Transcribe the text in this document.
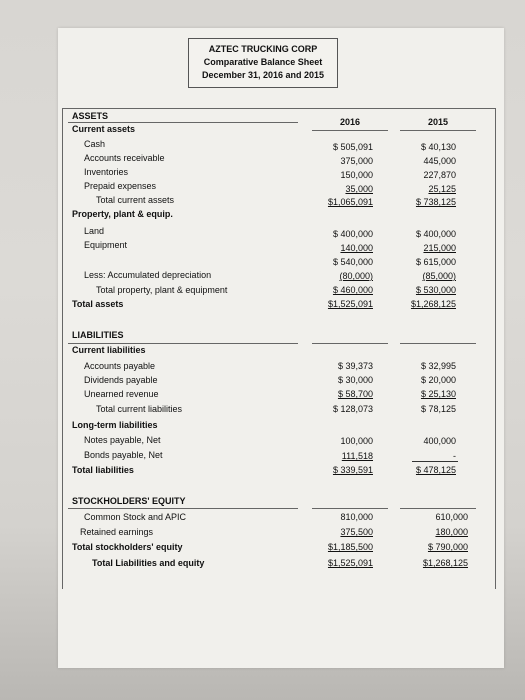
AZTEC TRUCKING CORP
Comparative Balance Sheet
December 31, 2016 and 2015
2016	2015
ASSETS
Current assets
Cash	$ 505,091	$ 40,130
Accounts receivable	375,000	445,000
Inventories	150,000	227,870
Prepaid expenses	35,000	25,125
Total current assets	$1,065,091	$ 738,125
Property, plant & equip.
Land	$ 400,000	$ 400,000
Equipment	140,000	215,000
$ 540,000	$ 615,000
Less: Accumulated depreciation	(80,000)	(85,000)
Total property, plant & equipment	$ 460,000	$ 530,000
Total assets	$1,525,091	$1,268,125
LIABILITIES
Current liabilities
Accounts payable	$ 39,373	$ 32,995
Dividends payable	$ 30,000	$ 20,000
Unearned revenue	$ 58,700	$ 25,130
Total current liabilities	$ 128,073	$ 78,125
Long-term liabilities
Notes payable, Net	100,000	400,000
Bonds payable, Net	111,518	-
Total liabilities	$ 339,591	$ 478,125
STOCKHOLDERS' EQUITY
Common Stock and APIC	810,000	610,000
Retained earnings	375,500	180,000
Total stockholders' equity	$1,185,500	$ 790,000
Total Liabilities and equity	$1,525,091	$1,268,125
